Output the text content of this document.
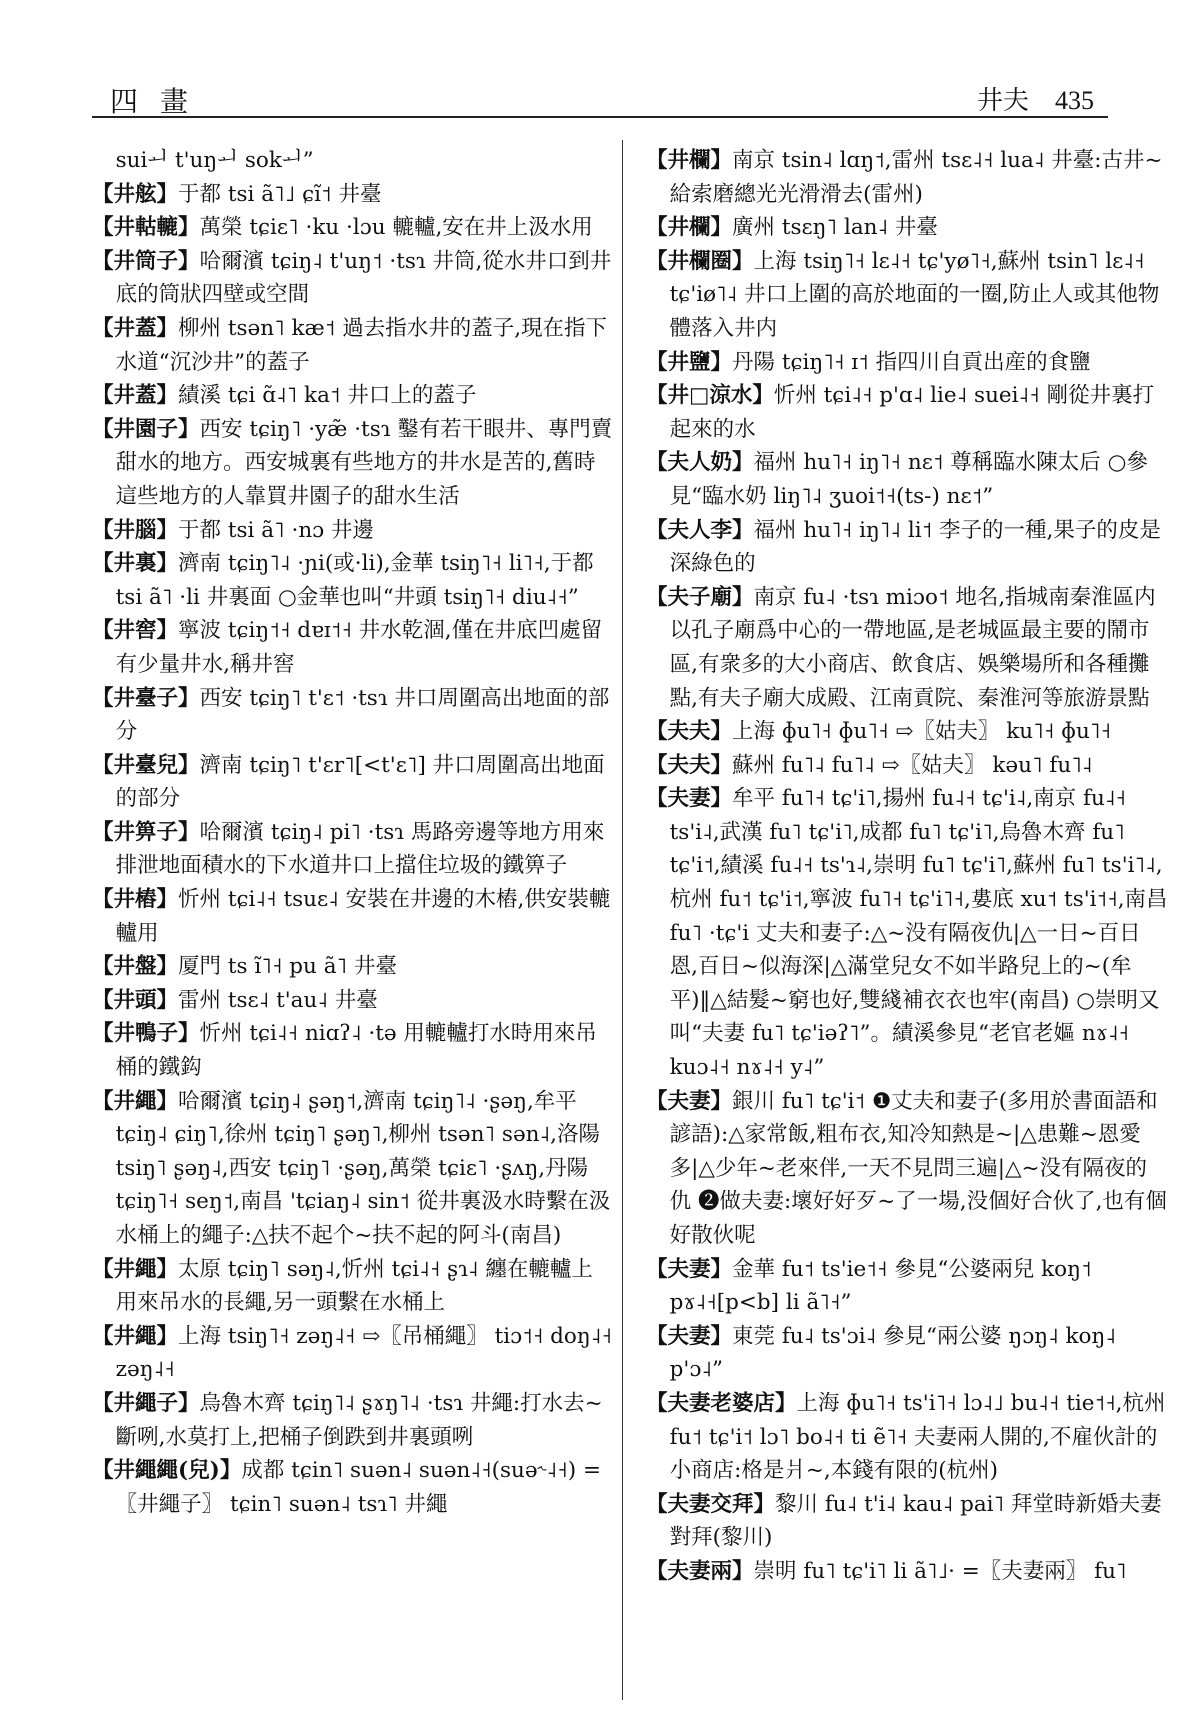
四畫	井夫 435

suiᅬ t'uŋᅬ sokᅬ”

【井舷】于都 tsi ã˥˩ ɕĩ˦ 井臺

【井軲轆】萬榮 tɕiɛ˥ ·ku ·lɔu 轆轤,安在井上汲水用

【井筒子】哈爾濱 tɕiŋ˨ t'uŋ˦ ·tsɿ 井筒,從水井口到井底的筒狀四壁或空間

【井蓋】柳州 tsən˥ kæ˦ 過去指水井的蓋子,現在指下水道“沉沙井”的蓋子

【井蓋】績溪 tɕi ɑ̃˨˥ ka˦ 井口上的蓋子

【井園子】西安 tɕiŋ˥ ·yæ̃ ·tsɿ 鑿有若干眼井、專門賣甜水的地方。西安城裏有些地方的井水是苦的,舊時這些地方的人靠買井園子的甜水生活

【井腦】于都 tsi ã˥ ·nɔ 井邊

【井裏】濟南 tɕiŋ˥˨ ·ɲi(或·li),金華 tsiŋ˥˧ li˥˧,于都 tsi ã˥ ·li 井裏面 ○金華也叫“井頭 tsiŋ˥˧ diu˨˧”

【井窖】寧波 tɕiŋ˦˧ dɐɪ˦˧ 井水乾涸,僅在井底凹處留有少量井水,稱井窖

【井臺子】西安 tɕiŋ˥ t'ɛ˦ ·tsɿ 井口周圍高出地面的部分

【井臺兒】濟南 tɕiŋ˥ t'ɛr˥[<t'ɛ˥] 井口周圍高出地面的部分

【井箅子】哈爾濱 tɕiŋ˨ pi˥ ·tsɿ 馬路旁邊等地方用來排泄地面積水的下水道井口上擋住垃圾的鐵箅子

【井樁】忻州 tɕi˨˧ tsuɛ˨ 安裝在井邊的木樁,供安裝轆轤用

【井盤】厦門 ts ĩ˥˧ pu ã˥ 井臺

【井頭】雷州 tsɛ˨ t'au˨ 井臺

【井鴨子】忻州 tɕi˨˧ niɑʔ˨ ·tə 用轆轤打水時用來吊桶的鐵鈎

【井繩】哈爾濱 tɕiŋ˨ ʂəŋ˦,濟南 tɕiŋ˥˨ ·ʂəŋ,牟平 tɕiŋ˨ ɕiŋ˥,徐州 tɕiŋ˥ ʂəŋ˥,柳州 tsən˥ sən˨,洛陽 tsiŋ˥ ʂəŋ˨,西安 tɕiŋ˥ ·ʂəŋ,萬榮 tɕiɛ˥ ·ʂʌŋ,丹陽 tɕiŋ˥˧ seŋ˦,南昌 'tɕiaŋ˨ sin˦ 從井裏汲水時繫在汲水桶上的繩子:△扶不起个~扶不起的阿斗(南昌)

【井繩】太原 tɕiŋ˥ səŋ˨,忻州 tɕi˨˧ ʂɿ˨ 纏在轆轤上用來吊水的長繩,另一頭繫在水桶上

【井繩】上海 tsiŋ˥˧ zəŋ˨˧ ⇨〖吊桶繩〗 tiɔ˦˧ doŋ˨˧ zəŋ˨˧

【井繩子】烏魯木齊 tɕiŋ˥˨ ʂɤŋ˥˨ ·tsɿ 井繩:打水去~斷咧,水莫打上,把桶子倒跌到井裏頭咧

【井繩繩(兒)】成都 tɕin˥ suən˨ suən˨˧(suə˞˨˧) =〖井繩子〗 tɕin˥ suən˨ tsɿ˥ 井繩

【井欄】南京 tsin˨ lɑŋ˦,雷州 tsɛ˨˧ lua˨ 井臺:古井~給索磨總光光滑滑去(雷州)

【井欄】廣州 tsɛŋ˥ lan˨ 井臺

【井欄圈】上海 tsiŋ˥˧ lɛ˨˧ tɕ'yø˥˧,蘇州 tsin˥ lɛ˨˧ tɕ'iø˥˨ 井口上圍的高於地面的一圈,防止人或其他物體落入井内

【井鹽】丹陽 tɕiŋ˥˧ ɪ˦ 指四川自貢出産的食鹽

【井□涼水】忻州 tɕi˨˧ p'ɑ˨ lie˨ suei˨˧ 剛從井裏打起來的水

【夫人奶】福州 hu˥˧ iŋ˥˧ nɛ˦ 尊稱臨水陳太后 ○參見“臨水奶 liŋ˥˨ ʒuoi˦˧(ts-) nɛ˦”

【夫人李】福州 hu˥˧ iŋ˥˨ li˦ 李子的一種,果子的皮是深綠色的

【夫子廟】南京 fu˨ ·tsɿ miɔo˦ 地名,指城南秦淮區内以孔子廟爲中心的一帶地區,是老城區最主要的鬧市區,有衆多的大小商店、飲食店、娛樂場所和各種攤點,有夫子廟大成殿、江南貢院、秦淮河等旅游景點

【夫夫】上海 ɸu˥˧ ɸu˥˧ ⇨〖姑夫〗 ku˥˧ ɸu˥˧

【夫夫】蘇州 fu˥˨ fu˥˨ ⇨〖姑夫〗 kəu˥ fu˥˨

【夫妻】牟平 fu˥˧ tɕ'i˥,揚州 fu˨˧ tɕ'i˨,南京 fu˨˧ ts'i˨,武漢 fu˥ tɕ'i˥,成都 fu˥ tɕ'i˥,烏魯木齊 fu˥ tɕ'i˦,績溪 fu˨˧ ts'ɿ˨,崇明 fu˥ tɕ'i˥,蘇州 fu˥ ts'i˥˨,杭州 fu˦ tɕ'i˦,寧波 fu˥˧ tɕ'i˥˧,婁底 xu˦ ts'i˦˧,南昌 fu˥ ·tɕ'i 丈夫和妻子:△~没有隔夜仇|△一日~百日恩,百日~似海深|△滿堂兒女不如半路兒上的~(牟平)‖△結髮~窮也好,雙綫補衣衣也牢(南昌) ○崇明又叫“夫妻 fu˥ tɕ'iəʔ˥”。績溪參見“老官老嫗 nɤ˨˧ kuɔ˨˧ nɤ˨˧ y˨”

【夫妻】銀川 fu˥ tɕ'i˦ ❶丈夫和妻子(多用於書面語和諺語):△家常飯,粗布衣,知冷知熱是~|△患難~恩愛多|△少年~老來伴,一天不見問三遍|△~没有隔夜的仇 ❷做夫妻:壞好好歹~了一場,没個好合伙了,也有個好散伙呢

【夫妻】金華 fu˦ ts'ie˦˧ 參見“公婆兩兒 koŋ˦ pɤ˨˧[p<b] li ã˥˧”

【夫妻】東莞 fu˨ ts'ɔi˨ 參見“兩公婆 ŋɔŋ˨ koŋ˨ p'ɔ˨”

【夫妻老婆店】上海 ɸu˥˧ ts'i˥˧ lɔ˨˩ bu˨˧ tie˦˧,杭州 fu˦ tɕ'i˦ lɔ˥ bo˨˧ ti ẽ˥˧ 夫妻兩人開的,不雇伙計的小商店:格是爿~,本錢有限的(杭州)

【夫妻交拜】黎川 fu˨ t'i˨ kau˨ pai˥ 拜堂時新婚夫妻對拜(黎川)

【夫妻兩】崇明 fu˥ tɕ'i˥ li ã˥˩· =〖夫妻兩〗 fu˥
